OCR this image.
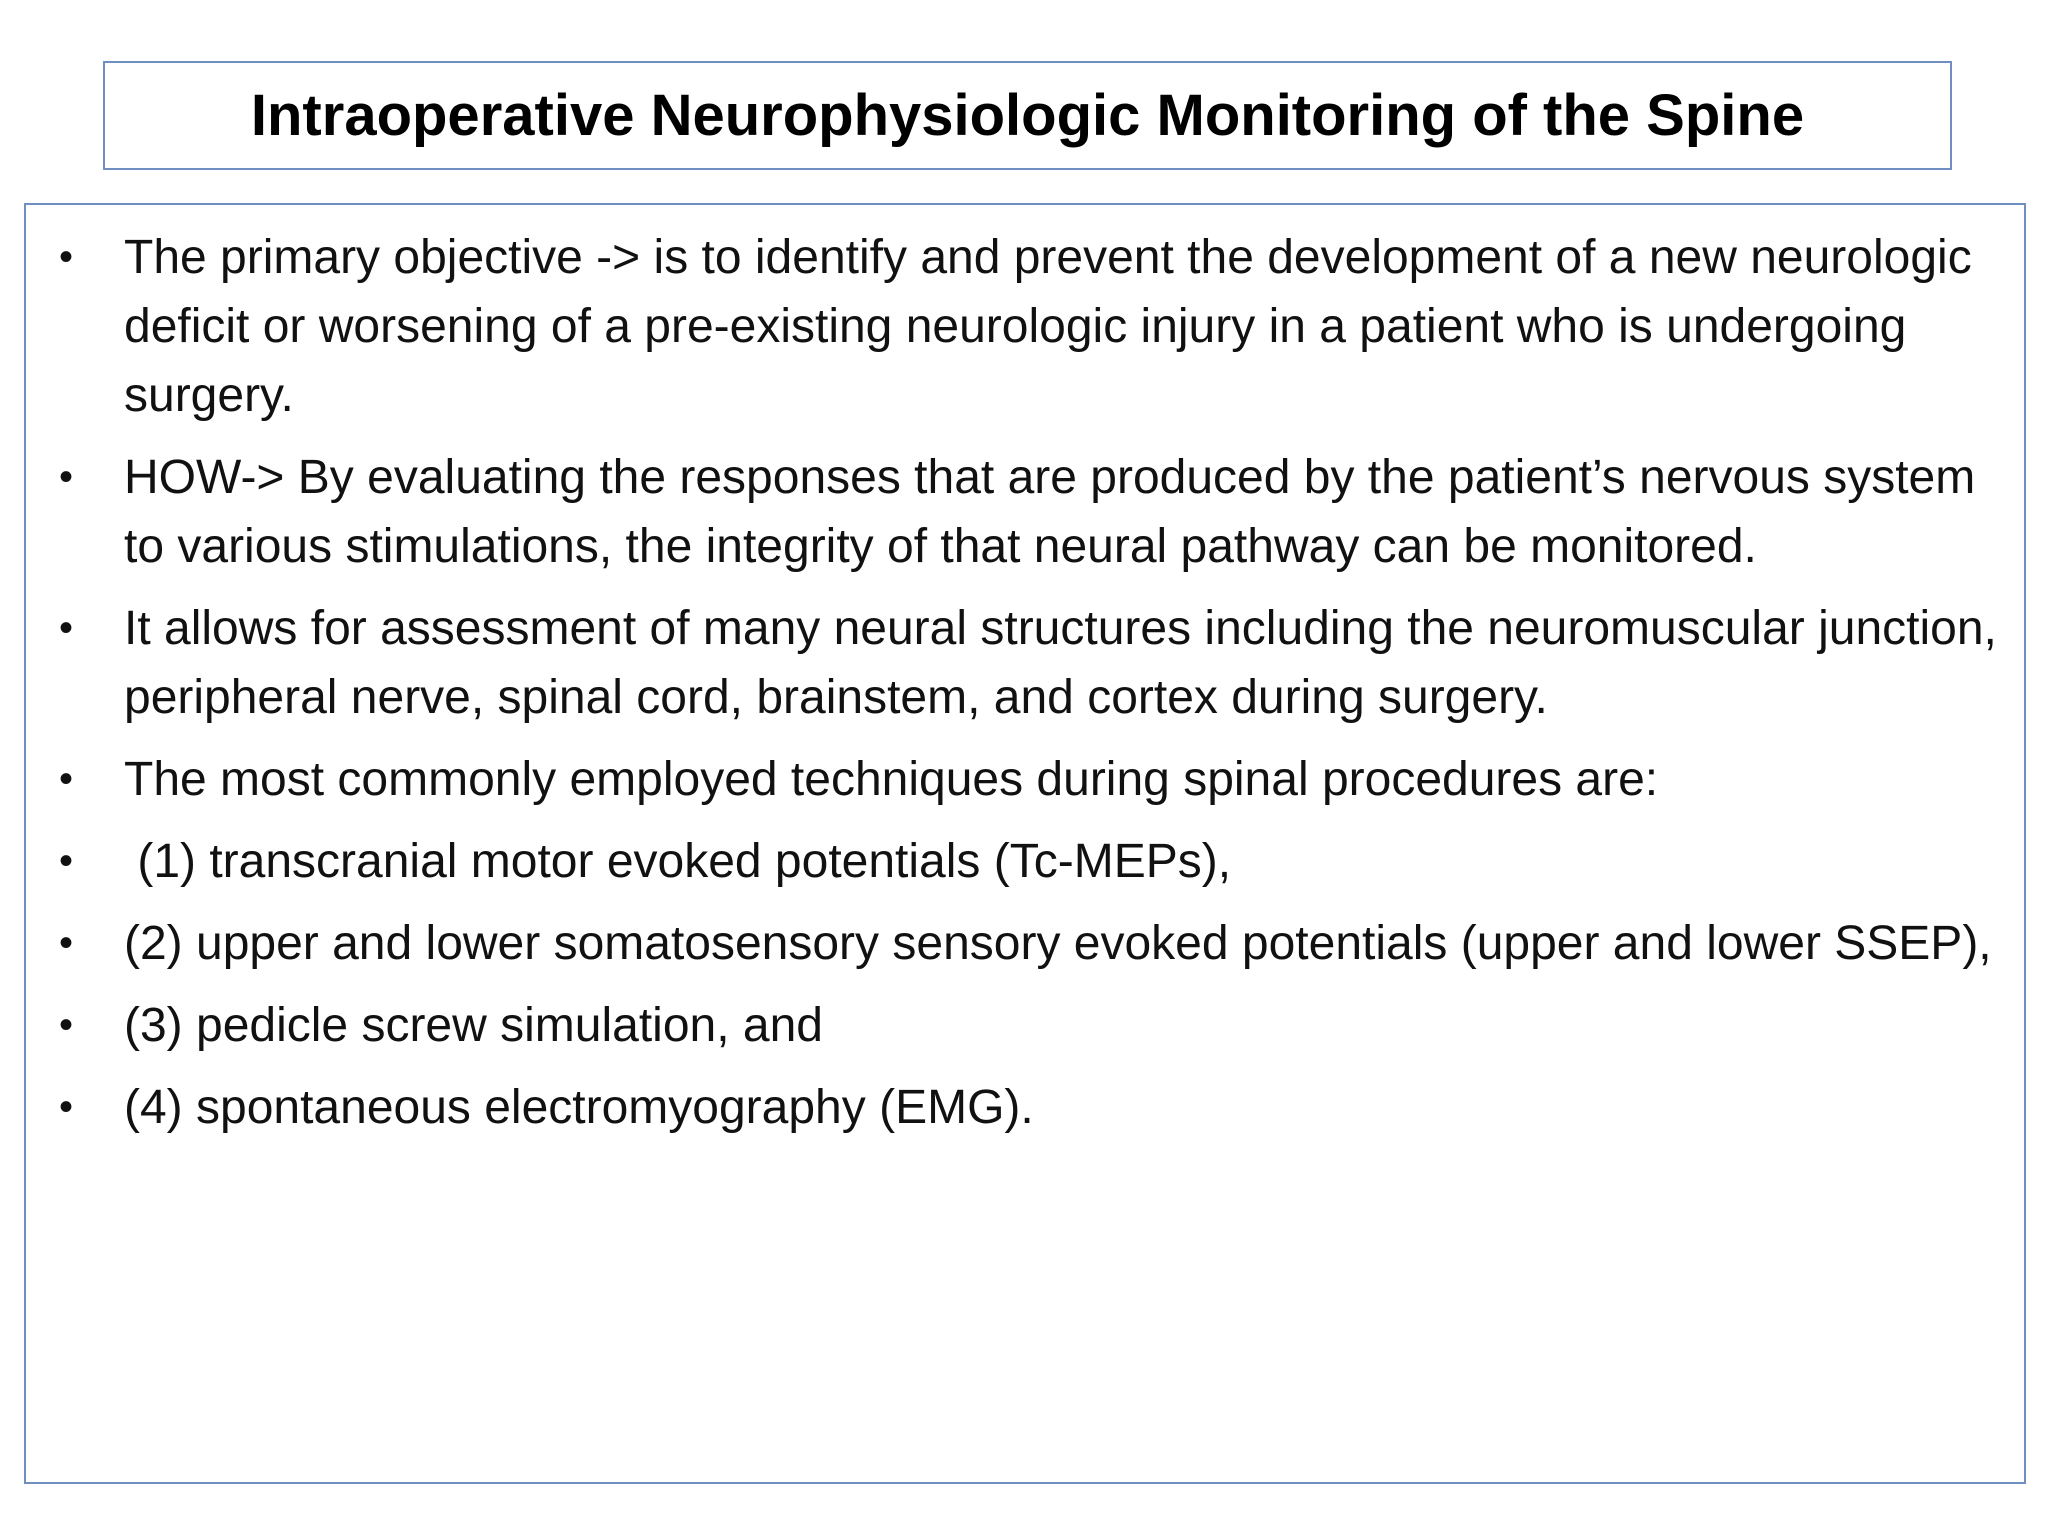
Intraoperative Neurophysiologic Monitoring of the Spine
• The primary objective -> is to identify and prevent the development of a new neurologic deficit or worsening of a pre-existing neurologic injury in a patient who is undergoing surgery.
• HOW-> By evaluating the responses that are produced by the patient’s nervous system to various stimulations, the integrity of that neural pathway can be monitored.
• It allows for assessment of many neural structures including the neuromuscular junction, peripheral nerve, spinal cord, brainstem, and cortex during surgery.
• The most commonly employed techniques during spinal procedures are:
• (1) transcranial motor evoked potentials (Tc-MEPs),
• (2) upper and lower somatosensory sensory evoked potentials (upper and lower SSEP),
• (3) pedicle screw simulation, and
• (4) spontaneous electromyography (EMG).
